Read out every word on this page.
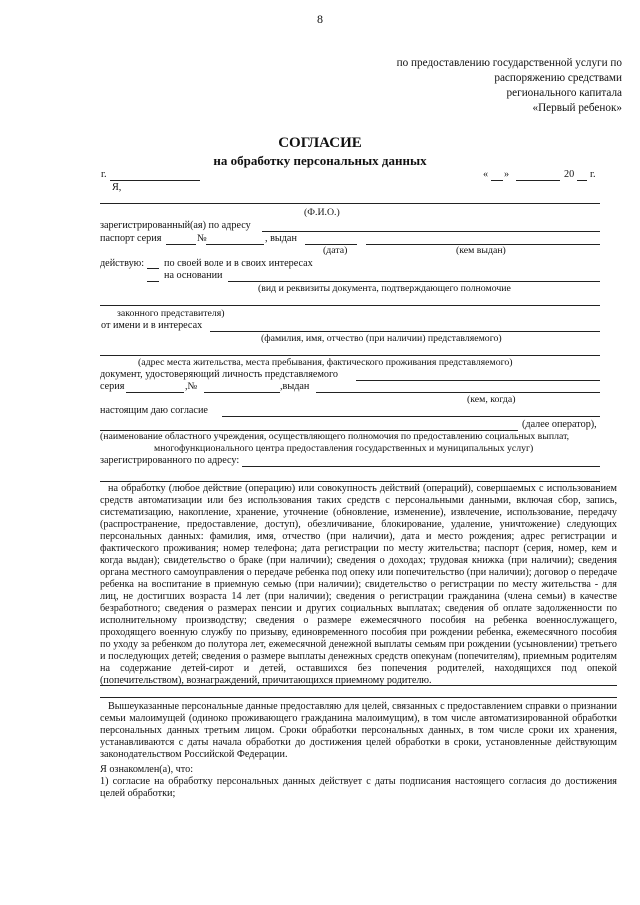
8
по предоставлению государственной услуги по
распоряжению средствами
регионального капитала
«Первый ребенок»
СОГЛАСИЕ
на обработку персональных данных
г.	« »	20 г.
Я,
(Ф.И.О.)
зарегистрированный(ая) по адресу
паспорт серия	№	, выдан
(дата)	(кем выдан)
действую: по своей воле и в своих интересах
на основании
(вид и реквизиты документа, подтверждающего полномочие
законного представителя)
от имени и в интересах
(фамилия, имя, отчество (при наличии) представляемого)
(адрес места жительства, места пребывания, фактического проживания представляемого)
документ, удостоверяющий личность представляемого
серия	,№	,выдан
(кем, когда)
настоящим даю согласие
(далее оператор),
(наименование областного учреждения, осуществляющего полномочия по предоставлению социальных выплат,
многофункционального центра предоставления государственных и муниципальных услуг)
зарегистрированного по адресу:
на обработку (любое действие (операцию) или совокупность действий (операций), совершаемых с использованием средств автоматизации или без использования таких средств с персональными данными, включая сбор, запись, систематизацию, накопление, хранение, уточнение (обновление, изменение), извлечение, использование, передачу (распространение, предоставление, доступ), обезличивание, блокирование, удаление, уничтожение) следующих персональных данных: фамилия, имя, отчество (при наличии), дата и место рождения; адрес регистрации и фактического проживания; номер телефона; дата регистрации по месту жительства; паспорт (серия, номер, кем и когда выдан); свидетельство о браке (при наличии); сведения о доходах; трудовая книжка (при наличии); сведения органа местного самоуправления о передаче ребенка под опеку или попечительство (при наличии); договор о передаче ребенка на воспитание в приемную семью (при наличии); свидетельство о регистрации по месту жительства - для лиц, не достигших возраста 14 лет (при наличии); сведения о регистрации гражданина (члена семьи) в качестве безработного; сведения о размерах пенсии и других социальных выплатах; сведения об оплате задолженности по исполнительному производству; сведения о размере ежемесячного пособия на ребенка военнослужащего, проходящего военную службу по призыву, единовременного пособия при рождении ребенка, ежемесячного пособия по уходу за ребенком до полутора лет, ежемесячной денежной выплаты семьям при рождении (усыновлении) третьего и последующих детей; сведения о размере выплаты денежных средств опекунам (попечителям), приемным родителям на содержание детей-сирот и детей, оставшихся без попечения родителей, находящихся под опекой (попечительством), вознаграждений, причитающихся приемному родителю.
Вышеуказанные персональные данные предоставляю для целей, связанных с предоставлением справки о признании семьи малоимущей (одиноко проживающего гражданина малоимущим), в том числе автоматизированной обработки персональных данных третьим лицом. Сроки обработки персональных данных, в том числе сроки их хранения, устанавливаются с даты начала обработки до достижения целей обработки в сроки, установленные действующим законодательством Российской Федерации.
Я ознакомлен(а), что:
1) согласие на обработку персональных данных действует с даты подписания настоящего согласия до достижения целей обработки;
